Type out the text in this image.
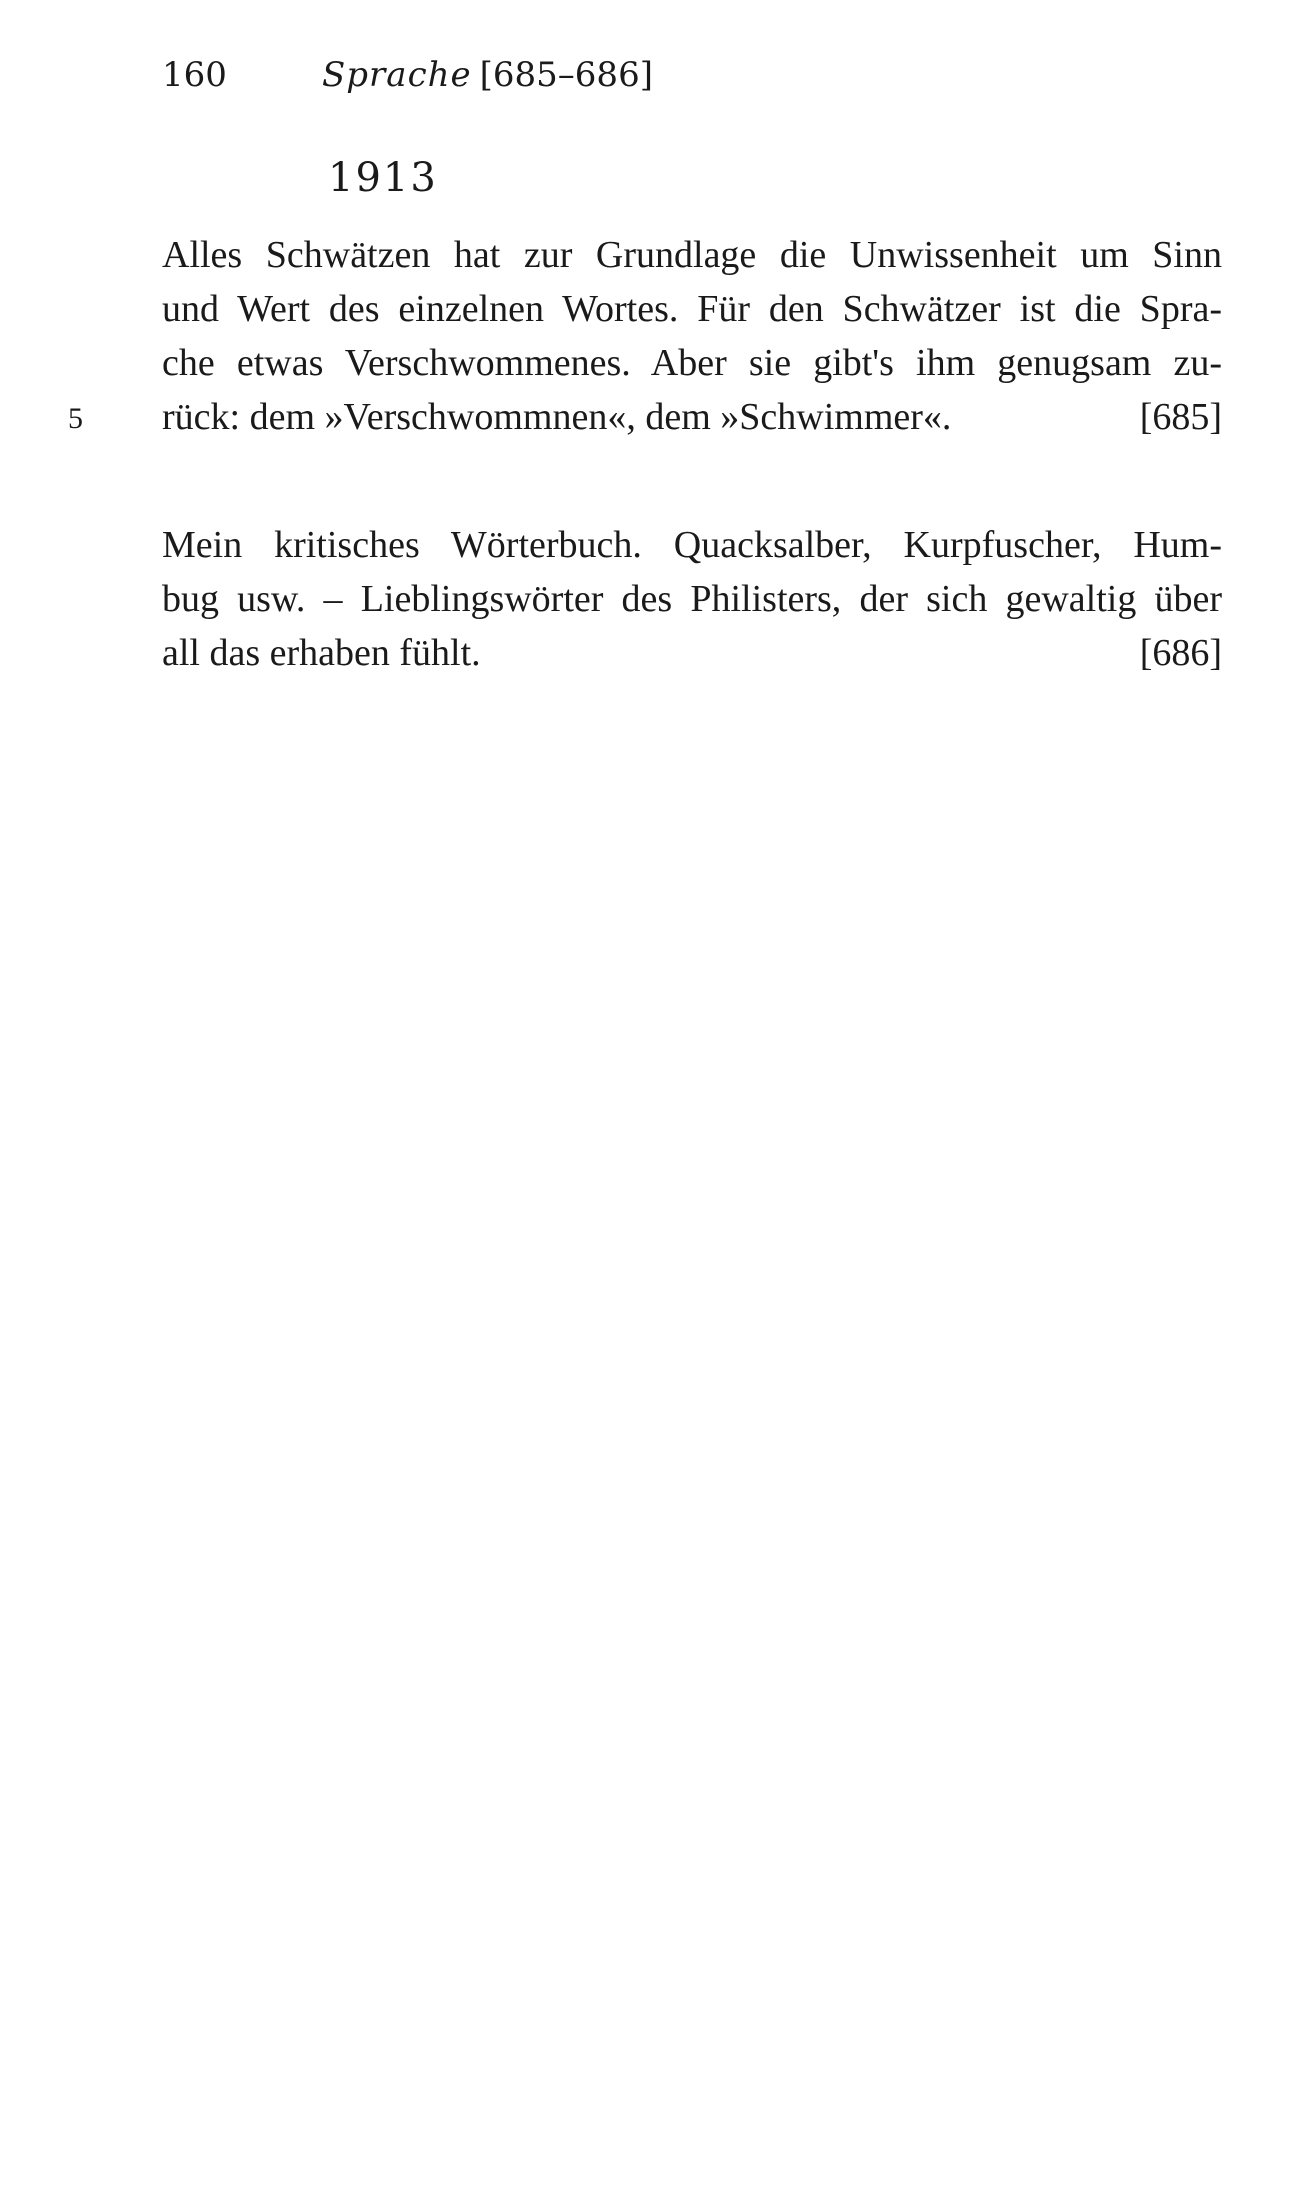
160	Sprache [685–686]
1913
Alles Schwätzen hat zur Grundlage die Unwissenheit um Sinn
und Wert des einzelnen Wortes. Für den Schwätzer ist die Spra-
che etwas Verschwommenes. Aber sie gibt's ihm genugsam zu-
5 rück: dem »Verschwommnen«, dem »Schwimmer«.	[685]
Mein kritisches Wörterbuch. Quacksalber, Kurpfuscher, Hum-
bug usw. – Lieblingswörter des Philisters, der sich gewaltig über
all das erhaben fühlt.	[686]
